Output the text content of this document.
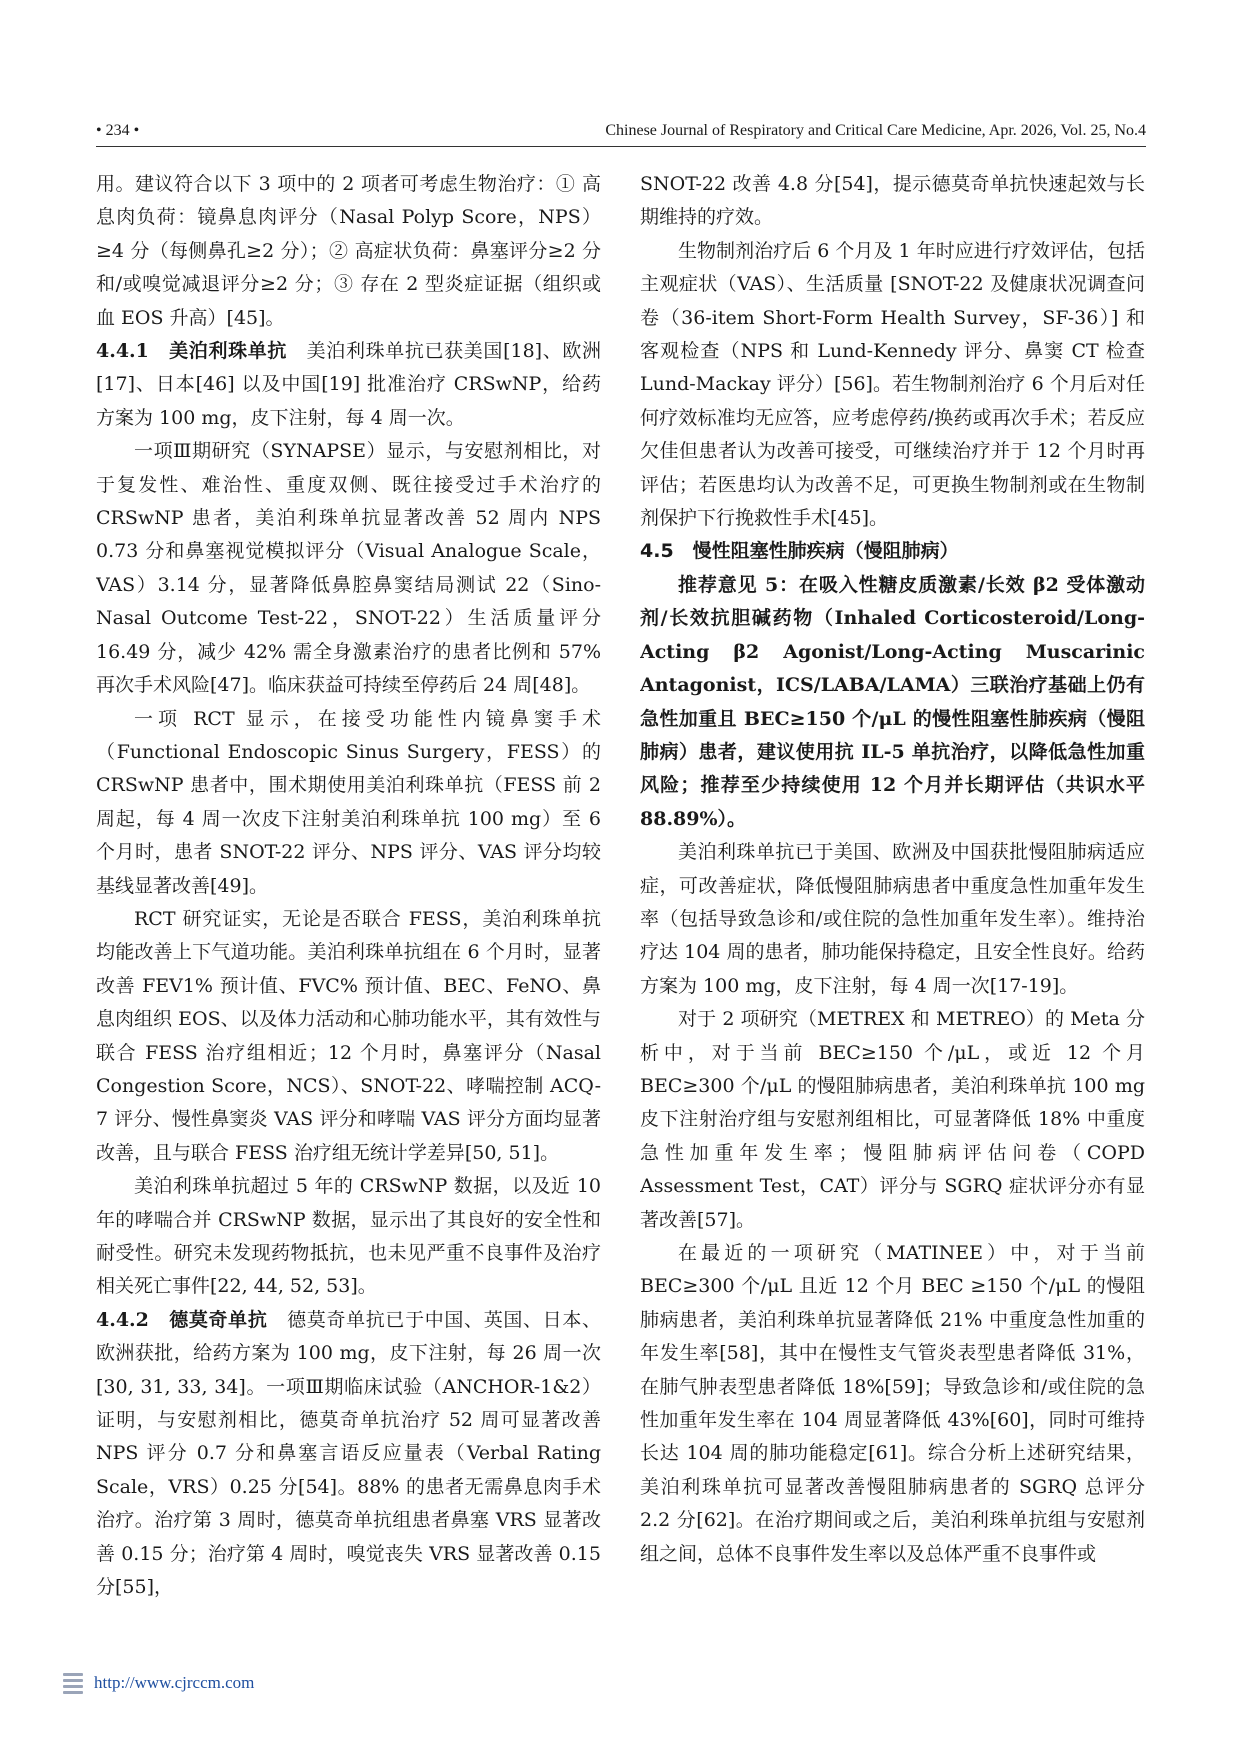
• 234 •	Chinese Journal of Respiratory and Critical Care Medicine, Apr. 2026, Vol. 25, No.4

用。建议符合以下 3 项中的 2 项者可考虑生物治疗：① 高息肉负荷：镜鼻息肉评分（Nasal Polyp Score，NPS）≥4 分（每侧鼻孔≥2 分）；② 高症状负荷：鼻塞评分≥2 分和/或嗅觉减退评分≥2 分；③ 存在 2 型炎症证据（组织或血 EOS 升高）[45]。

4.4.1　美泊利珠单抗　美泊利珠单抗已获美国[18]、欧洲[17]、日本[46] 以及中国[19] 批准治疗 CRSwNP，给药方案为 100 mg，皮下注射，每 4 周一次。

一项Ⅲ期研究（SYNAPSE）显示，与安慰剂相比，对于复发性、难治性、重度双侧、既往接受过手术治疗的 CRSwNP 患者，美泊利珠单抗显著改善 52 周内 NPS 0.73 分和鼻塞视觉模拟评分（Visual Analogue Scale，VAS）3.14 分，显著降低鼻腔鼻窦结局测试 22（Sino-Nasal Outcome Test-22，SNOT-22）生活质量评分 16.49 分，减少 42% 需全身激素治疗的患者比例和 57% 再次手术风险[47]。临床获益可持续至停药后 24 周[48]。

一项 RCT 显示，在接受功能性内镜鼻窦手术（Functional Endoscopic Sinus Surgery，FESS）的 CRSwNP 患者中，围术期使用美泊利珠单抗（FESS 前 2 周起，每 4 周一次皮下注射美泊利珠单抗 100 mg）至 6 个月时，患者 SNOT-22 评分、NPS 评分、VAS 评分均较基线显著改善[49]。

RCT 研究证实，无论是否联合 FESS，美泊利珠单抗均能改善上下气道功能。美泊利珠单抗组在 6 个月时，显著改善 FEV1% 预计值、FVC% 预计值、BEC、FeNO、鼻息肉组织 EOS、以及体力活动和心肺功能水平，其有效性与联合 FESS 治疗组相近；12 个月时，鼻塞评分（Nasal Congestion Score，NCS）、SNOT-22、哮喘控制 ACQ-7 评分、慢性鼻窦炎 VAS 评分和哮喘 VAS 评分方面均显著改善，且与联合 FESS 治疗组无统计学差异[50, 51]。

美泊利珠单抗超过 5 年的 CRSwNP 数据，以及近 10 年的哮喘合并 CRSwNP 数据，显示出了其良好的安全性和耐受性。研究未发现药物抵抗，也未见严重不良事件及治疗相关死亡事件[22, 44, 52, 53]。

4.4.2　德莫奇单抗　德莫奇单抗已于中国、英国、日本、欧洲获批，给药方案为 100 mg，皮下注射，每 26 周一次[30, 31, 33, 34]。一项Ⅲ期临床试验（ANCHOR-1&2）证明，与安慰剂相比，德莫奇单抗治疗 52 周可显著改善 NPS 评分 0.7 分和鼻塞言语反应量表（Verbal Rating Scale，VRS）0.25 分[54]。88% 的患者无需鼻息肉手术治疗。治疗第 3 周时，德莫奇单抗组患者鼻塞 VRS 显著改善 0.15 分；治疗第 4 周时，嗅觉丧失 VRS 显著改善 0.15 分[55]，

SNOT-22 改善 4.8 分[54]，提示德莫奇单抗快速起效与长期维持的疗效。

生物制剂治疗后 6 个月及 1 年时应进行疗效评估，包括主观症状（VAS）、生活质量 [SNOT-22 及健康状况调查问卷（36-item Short-Form Health Survey，SF-36）] 和客观检查（NPS 和 Lund-Kennedy 评分、鼻窦 CT 检查 Lund-Mackay 评分）[56]。若生物制剂治疗 6 个月后对任何疗效标准均无应答，应考虑停药/换药或再次手术；若反应欠佳但患者认为改善可接受，可继续治疗并于 12 个月时再评估；若医患均认为改善不足，可更换生物制剂或在生物制剂保护下行挽救性手术[45]。

4.5　慢性阻塞性肺疾病（慢阻肺病）

推荐意见 5：在吸入性糖皮质激素/长效 β2 受体激动剂/长效抗胆碱药物（Inhaled Corticosteroid/Long-Acting β2 Agonist/Long-Acting Muscarinic Antagonist，ICS/LABA/LAMA）三联治疗基础上仍有急性加重且 BEC≥150 个/μL 的慢性阻塞性肺疾病（慢阻肺病）患者，建议使用抗 IL-5 单抗治疗，以降低急性加重风险；推荐至少持续使用 12 个月并长期评估（共识水平 88.89%）。

美泊利珠单抗已于美国、欧洲及中国获批慢阻肺病适应症，可改善症状，降低慢阻肺病患者中重度急性加重年发生率（包括导致急诊和/或住院的急性加重年发生率）。维持治疗达 104 周的患者，肺功能保持稳定，且安全性良好。给药方案为 100 mg，皮下注射，每 4 周一次[17-19]。

对于 2 项研究（METREX 和 METREO）的 Meta 分析中，对于当前 BEC≥150 个/μL，或近 12 个月 BEC≥300 个/μL 的慢阻肺病患者，美泊利珠单抗 100 mg 皮下注射治疗组与安慰剂组相比，可显著降低 18% 中重度急性加重年发生率；慢阻肺病评估问卷（COPD Assessment Test，CAT）评分与 SGRQ 症状评分亦有显著改善[57]。

在最近的一项研究（MATINEE）中，对于当前 BEC≥300 个/μL 且近 12 个月 BEC ≥150 个/μL 的慢阻肺病患者，美泊利珠单抗显著降低 21% 中重度急性加重的年发生率[58]，其中在慢性支气管炎表型患者降低 31%，在肺气肿表型患者降低 18%[59]；导致急诊和/或住院的急性加重年发生率在 104 周显著降低 43%[60]，同时可维持长达 104 周的肺功能稳定[61]。综合分析上述研究结果，美泊利珠单抗可显著改善慢阻肺病患者的 SGRQ 总评分 2.2 分[62]。在治疗期间或之后，美泊利珠单抗组与安慰剂组之间，总体不良事件发生率以及总体严重不良事件或

http://www.cjrccm.com
